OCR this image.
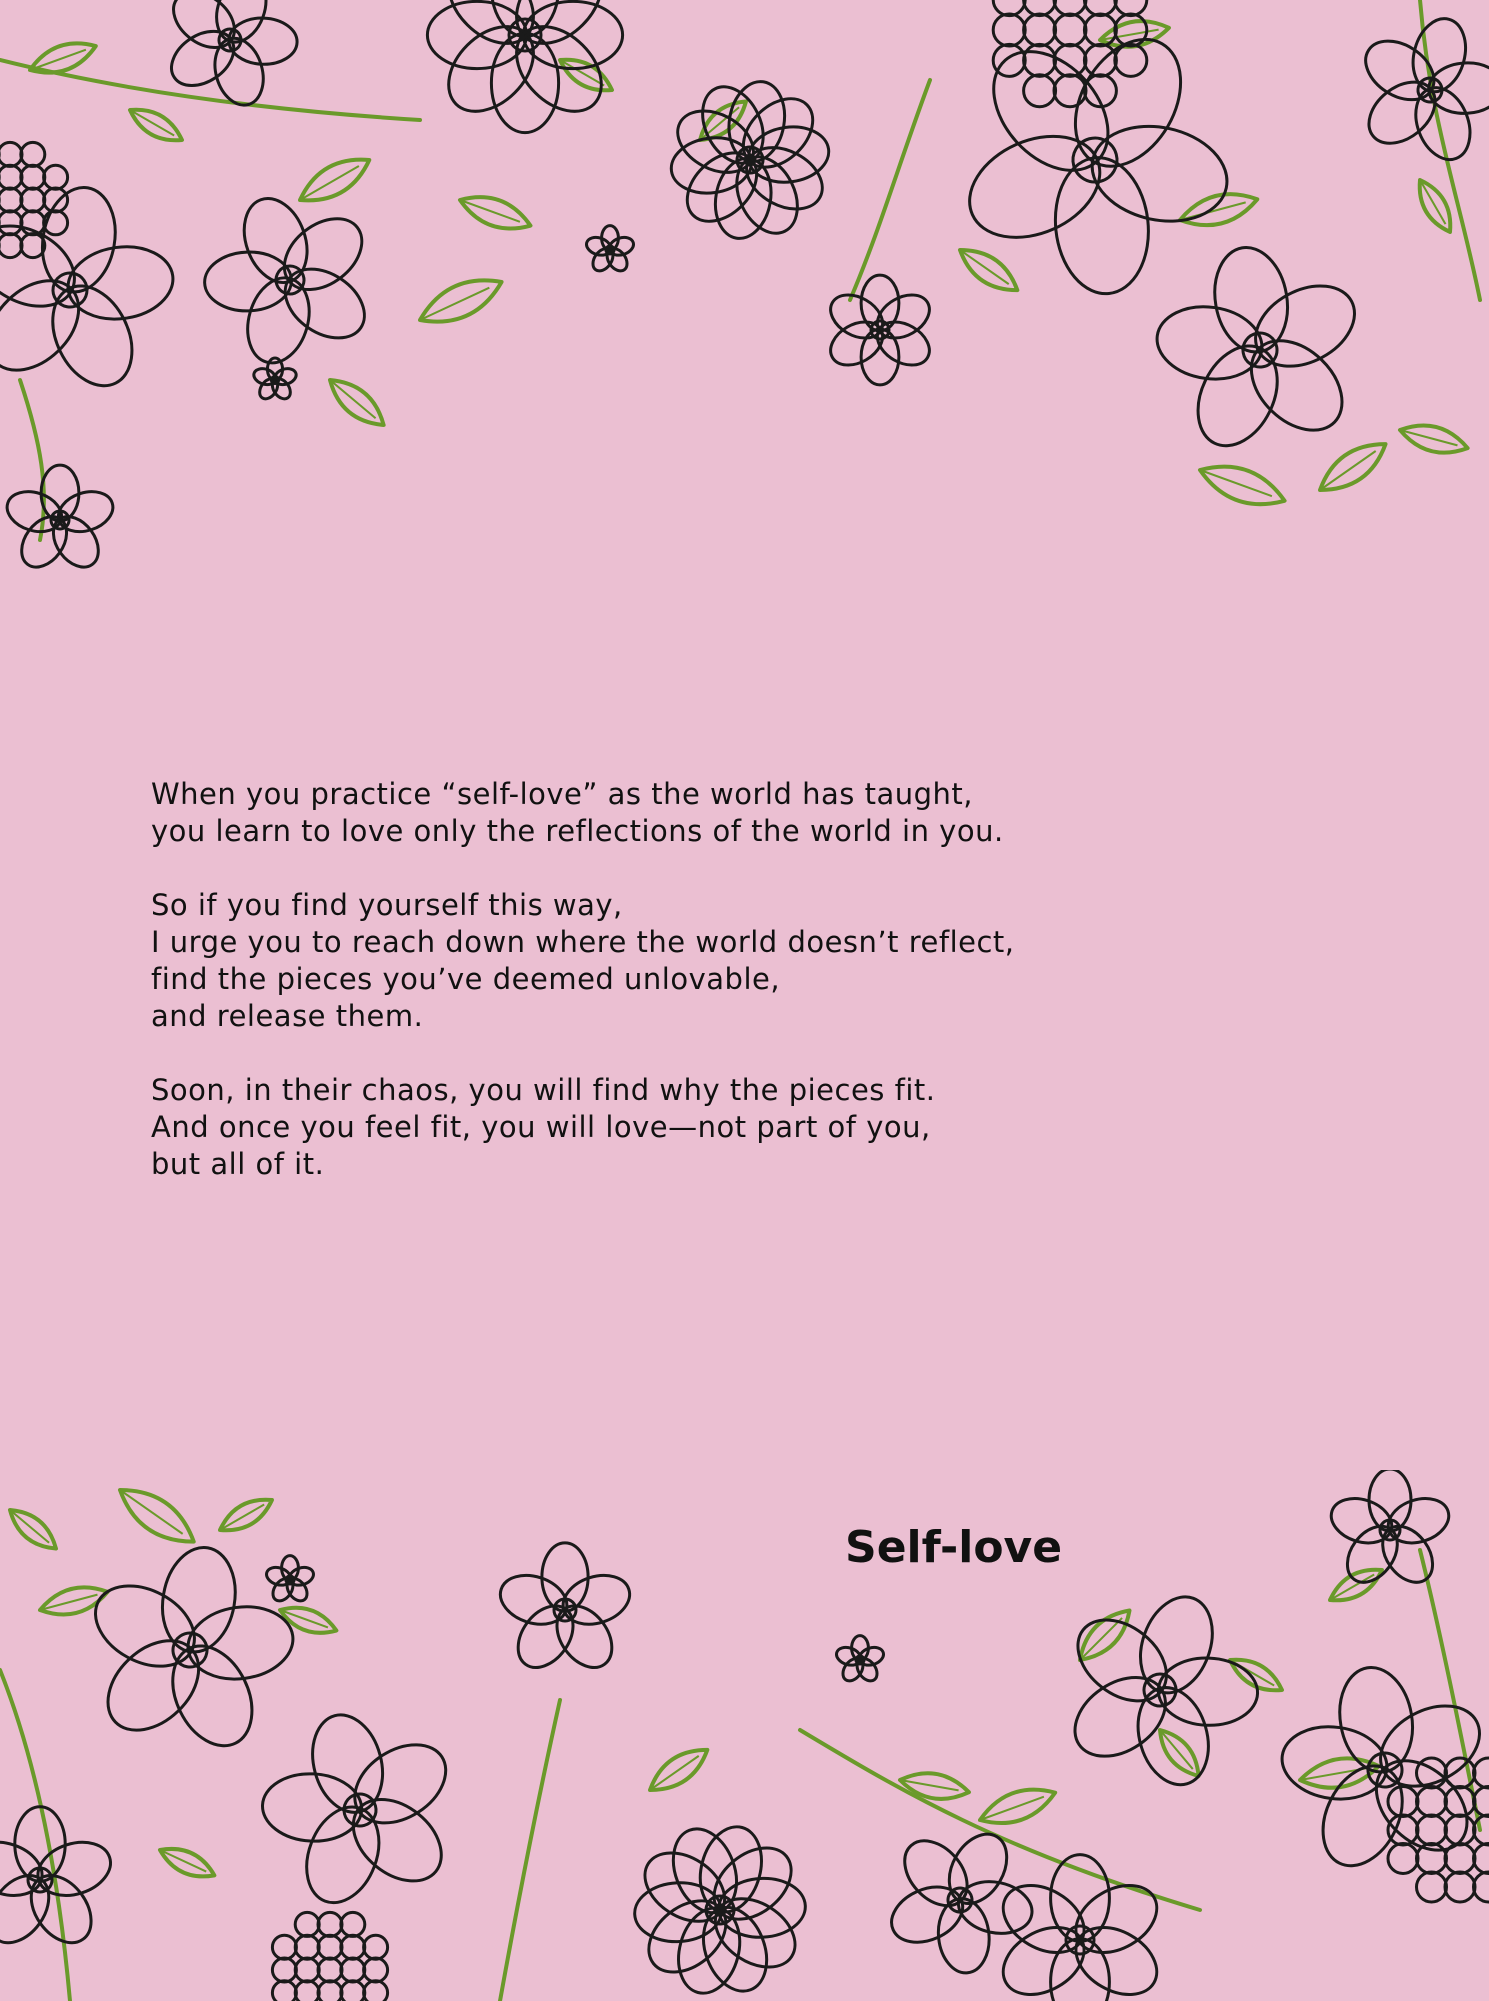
When you practice “self-love” as the world has taught,
you learn to love only the reflections of the world in you.
So if you find yourself this way,
I urge you to reach down where the world doesn’t reflect,
find the pieces you’ve deemed unlovable,
and release them.
Soon, in their chaos, you will find why the pieces fit.
And once you feel fit, you will love—not part of you,
but all of it.
Self-love
